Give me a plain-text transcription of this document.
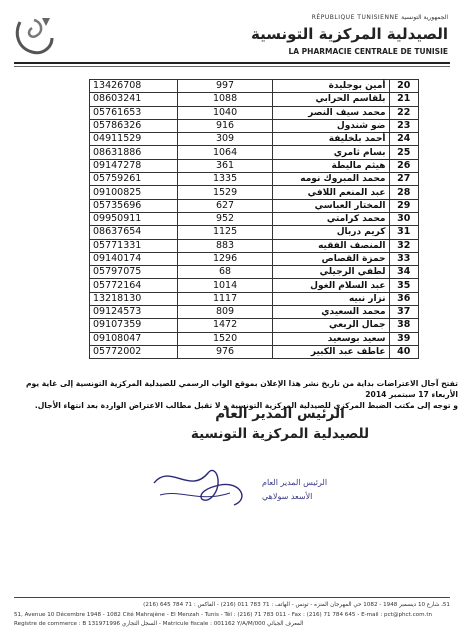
RÉPUBLIQUE TUNISIENNE الجمهورية التونسية
الصيدلية المركزية التونسية
LA PHARMACIE CENTRALE DE TUNISIE
13426708	997	أمين بوجليدة	20
08603241	1088	بلقاسم الحرابي	21
05761653	1040	محمد سيف النصر	22
05786326	916	ضو شندول	23
04911529	309	أحمد بلخليفة	24
08631886	1064	بسام ثامري	25
09147278	361	هيثم ماليطة	26
05759261	1335	محمد المبروك نومه	27
09100825	1529	عبد المنعم اللافي	28
05735696	627	المختار العباسي	29
09950911	952	محمد كرامتي	30
08637654	1125	كريم دربال	31
05771331	883	المنصف الفقيه	32
09140174	1296	حمزة القصاص	33
05797075	68	لطفي الرجيلي	34
05772164	1014	عبد السلام الغول	35
13218130	1117	نزار نبيه	36
09124573	809	محمد السعيدي	37
09107359	1472	جمال الربعي	38
09108047	1520	سعيد بوسعيد	39
05772002	976	عاطف عبد الكبير	40
تفتح آجال الاعتراضات بداية من تاريخ نشر هذا الإعلان بموقع الواب الرسمي للصيدلية المركزية التونسية إلى غاية يوم الأربعاء 17 سبتمبر 2014
و توجه إلى مكتب الضبط المركزي للصيدلية المركزية التونسية و لا تقبل مطالب الاعتراض الواردة بعد انتهاء الأجال.
الرئيس المدير العام
للصيدلية المركزية التونسية
الرئيس المدير العام
الأسعد سولاهي
51، شارع 10 ديسمبر 1948 - 1082 حي المهرجان المنزه - تونس - الهاتف : 71 783 011 (216) - الفاكس : 71 784 645 (216)
51, Avenue 10 Décembre 1948 - 1082 Cité Mahrajène - El Menzah - Tunis - Tél : (216) 71 783 011 - Fax : (216) 71 784 645 - E-mail : pct@phct.com.tn
Registre de commerce : B 131971996 السجل التجاري - Matricule fiscale : 001162 Y/A/M/000 المعرف الجبائي
